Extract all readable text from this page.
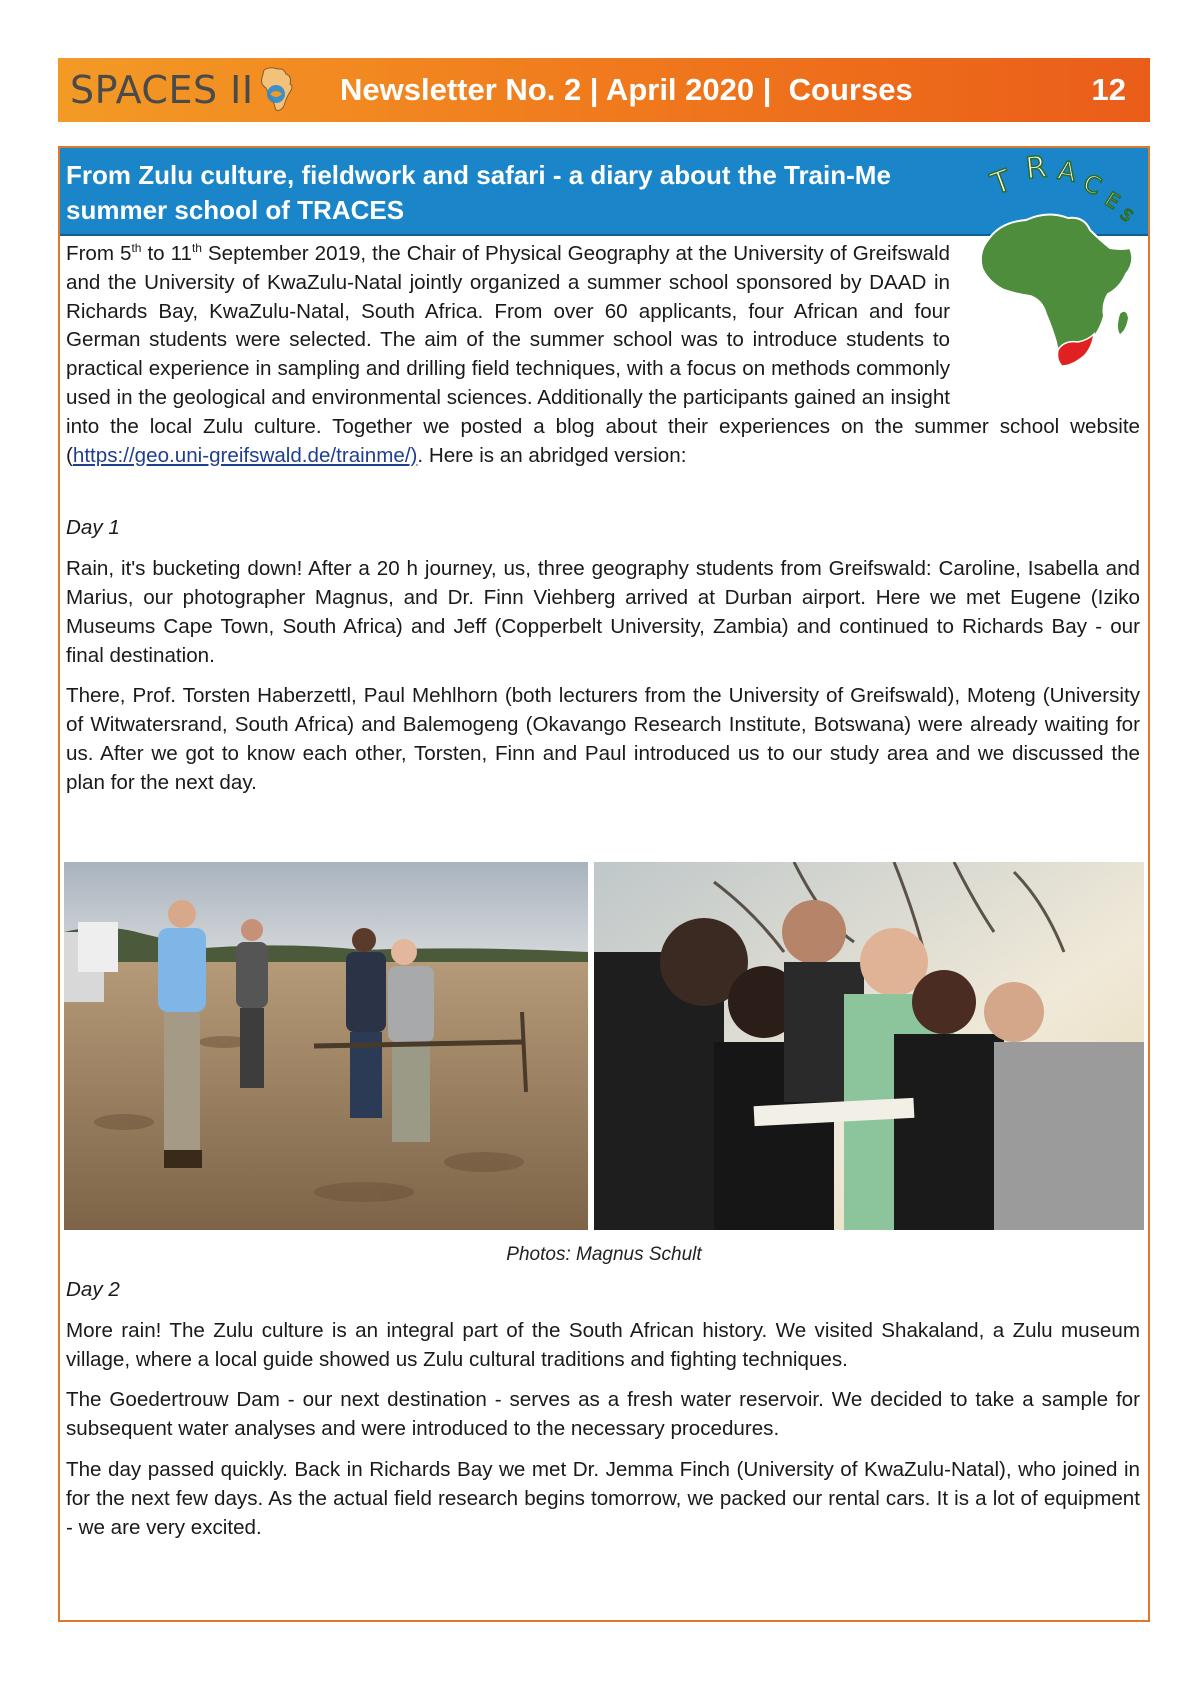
SPACES II	Newsletter No. 2 | April 2020 |  Courses	12
From Zulu culture, fieldwork and safari - a diary about the Train-Me summer school of TRACES
T R A C
E
S

From 5th to 11th September 2019, the Chair of Physical Geography at the University of Greifswald and the University of KwaZulu-Natal jointly organized a summer school sponsored by DAAD in Richards Bay, KwaZulu-Natal, South Africa. From over 60 applicants, four African and four German students were selected. The aim of the summer school was to introduce students to practical experience in sampling and drilling field techniques, with a focus on methods commonly used in the geological and environmental sciences. Additionally the participants gained an insight into the local Zulu culture. Together we posted a blog about their experiences on the summer school website (https://geo.uni-greifswald.de/trainme/). Here is an abridged version:

Day 1

Rain, it's bucketing down! After a 20 h journey, us, three geography students from Greifswald: Caroline, Isabella and Marius, our photographer Magnus, and Dr. Finn Viehberg arrived at Durban airport. Here we met Eugene (Iziko Museums Cape Town, South Africa) and Jeff (Copperbelt University, Zambia) and continued to Richards Bay - our final destination.

There, Prof. Torsten Haberzettl, Paul Mehlhorn (both lecturers from the University of Greifswald), Moteng (University of Witwatersrand, South Africa) and Balemogeng (Okavango Research Institute, Botswana) were already waiting for us. After we got to know each other, Torsten, Finn and Paul introduced us to our study area and we discussed the plan for the next day.

Photos: Magnus Schult

Day 2

More rain! The Zulu culture is an integral part of the South African history. We visited Shakaland, a Zulu museum village, where a local guide showed us Zulu cultural traditions and fighting techniques.

The Goedertrouw Dam - our next destination - serves as a fresh water reservoir. We decided to take a sample for subsequent water analyses and were introduced to the necessary procedures.

The day passed quickly. Back in Richards Bay we met Dr. Jemma Finch (University of KwaZulu-Natal), who joined in for the next few days. As the actual field research begins tomorrow, we packed our rental cars. It is a lot of equipment - we are very excited.
